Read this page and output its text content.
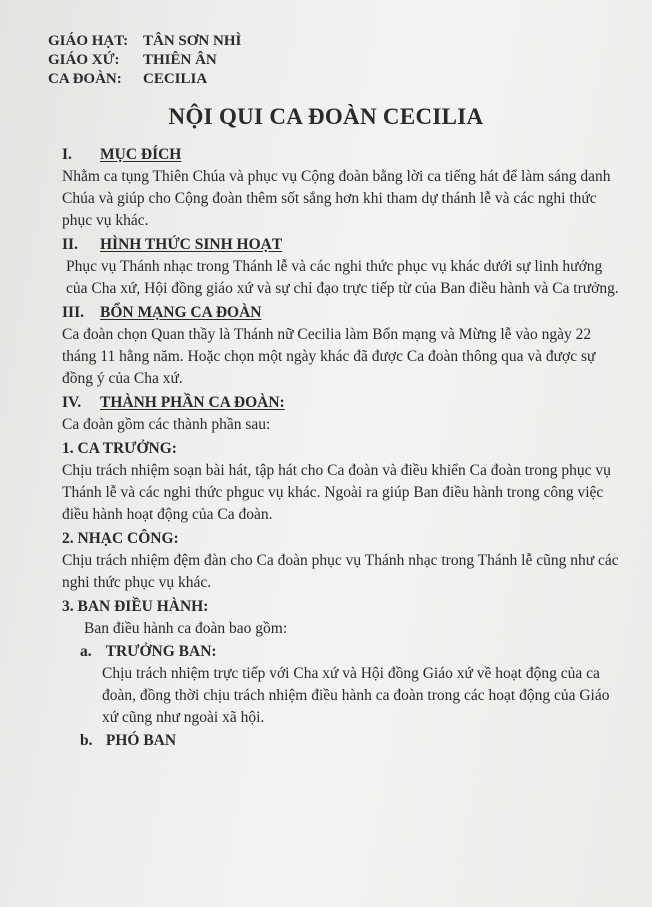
GIÁO HẠT: TÂN SƠN NHÌ
GIÁO XỨ:	THIÊN ÂN
CA ĐOÀN:	CECILIA
NỘI QUI CA ĐOÀN CECILIA
I.	MỤC ĐÍCH

Nhằm ca tụng Thiên Chúa và phục vụ Cộng đoàn bằng lời ca tiếng hát để làm sáng danh Chúa và giúp cho Cộng đoàn thêm sốt sắng hơn khi tham dự thánh lễ và các nghi thức phục vụ khác.

II.	HÌNH THỨC SINH HOẠT

Phục vụ Thánh nhạc trong Thánh lễ và các nghi thức phục vụ khác dưới sự linh hướng của Cha xứ, Hội đồng giáo xứ và sự chỉ đạo trực tiếp từ của Ban điều hành và Ca trưởng.

III.	BỔN MẠNG CA ĐOÀN

Ca đoàn chọn Quan thầy là Thánh nữ Cecilia làm Bổn mạng và Mừng lễ vào ngày 22 tháng 11 hằng năm. Hoặc chọn một ngày khác đã được Ca đoàn thông qua và được sự đồng ý của Cha xứ.

IV.	THÀNH PHẦN CA ĐOÀN:

Ca đoàn gồm các thành phần sau:

1. CA TRƯỞNG:

Chịu trách nhiệm soạn bài hát, tập hát cho Ca đoàn và điều khiển Ca đoàn trong phục vụ Thánh lễ và các nghi thức phguc vụ khác. Ngoài ra giúp Ban điều hành trong công việc điều hành hoạt động của Ca đoàn.

2. NHẠC CÔNG:

Chịu trách nhiệm đệm đàn cho Ca đoàn phục vụ Thánh nhạc trong Thánh lễ cũng như các nghi thức phục vụ khác.

3. BAN ĐIỀU HÀNH:

Ban điều hành ca đoàn bao gồm:

a. TRƯỞNG BAN:

Chịu trách nhiệm trực tiếp với Cha xứ và Hội đồng Giáo xứ về hoạt động của ca đoàn, đồng thời chịu trách nhiệm điều hành ca đoàn trong các hoạt động của Giáo xứ cũng như ngoài xã hội.

b. PHÓ BAN
